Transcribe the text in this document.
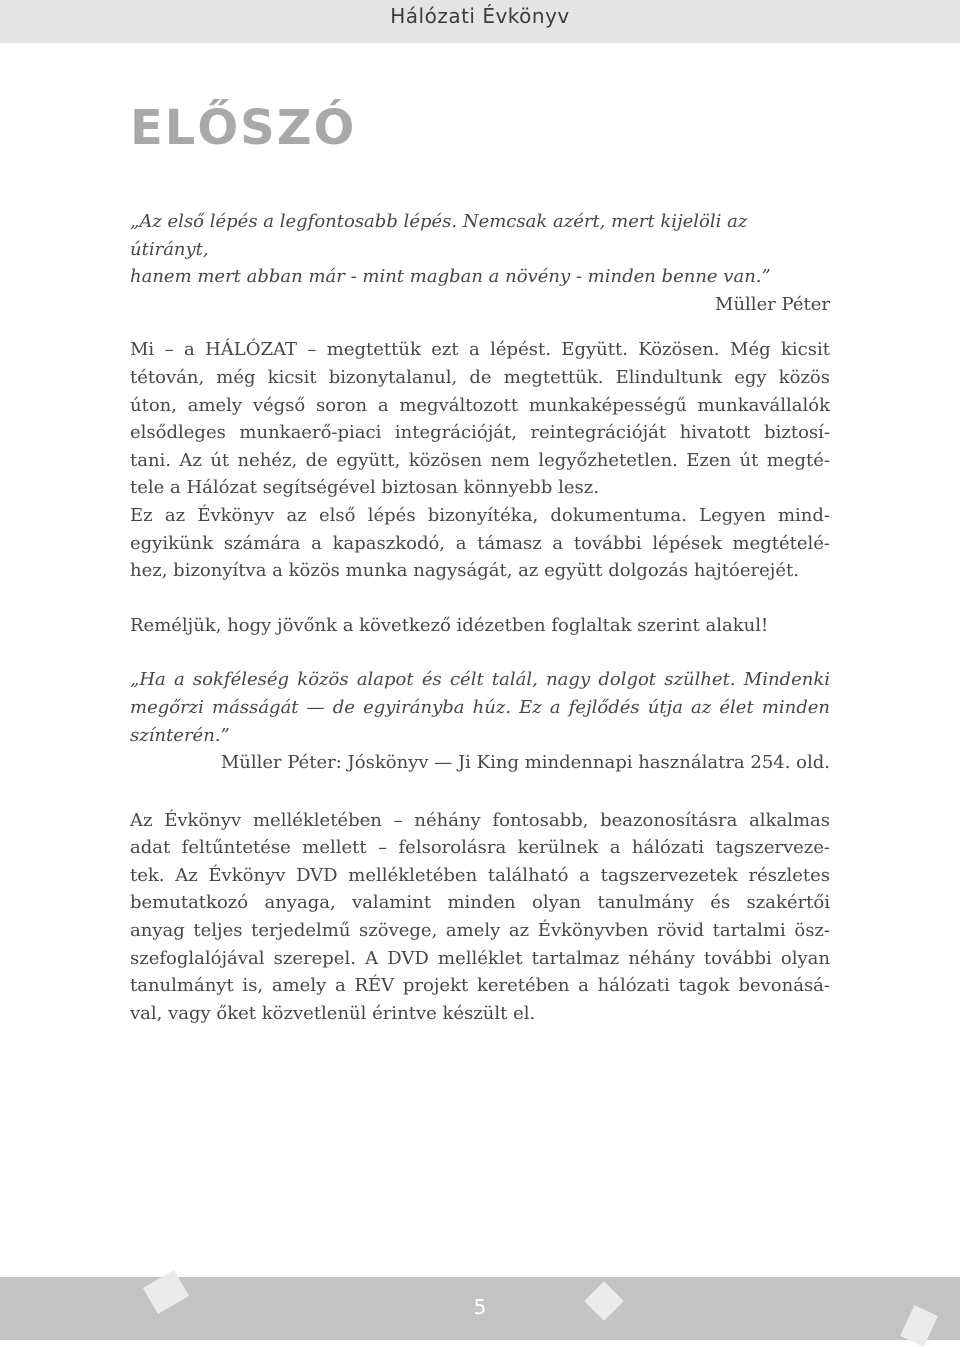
Hálózati Évkönyv
ELŐSZÓ
„Az első lépés a legfontosabb lépés. Nemcsak azért, mert kijelöli az útirányt,
hanem mert abban már - mint magban a növény - minden benne van.”

Müller Péter

Mi – a HÁLÓZAT – megtettük ezt a lépést. Együtt. Közösen. Még kicsit
tétován, még kicsit bizonytalanul, de megtettük. Elindultunk egy közös
úton, amely végső soron a megváltozott munkaképességű munkavállalók
elsődleges munkaerő-piaci integrációját, reintegrációját hivatott biztosí-
tani. Az út nehéz, de együtt, közösen nem legyőzhetetlen. Ezen út megté-
tele a Hálózat segítségével biztosan könnyebb lesz.
Ez az Évkönyv az első lépés bizonyítéka, dokumentuma. Legyen mind-
egyikünk számára a kapaszkodó, a támasz a további lépések megtételé-
hez, bizonyítva a közös munka nagyságát, az együtt dolgozás hajtóerejét.

Reméljük, hogy jövőnk a következő idézetben foglaltak szerint alakul!

„Ha a sokféleség közös alapot és célt talál, nagy dolgot szülhet. Mindenki
megőrzi másságát — de egyirányba húz. Ez a fejlődés útja az élet minden
színterén.”

Müller Péter: Jóskönyv — Ji King mindennapi használatra 254. old.

Az Évkönyv mellékletében – néhány fontosabb, beazonosításra alkalmas
adat feltűntetése mellett – felsorolásra kerülnek a hálózati tagszerveze-
tek. Az Évkönyv DVD mellékletében található a tagszervezetek részletes
bemutatkozó anyaga, valamint minden olyan tanulmány és szakértői
anyag teljes terjedelmű szövege, amely az Évkönyvben rövid tartalmi ösz-
szefoglalójával szerepel. A DVD melléklet tartalmaz néhány további olyan
tanulmányt is, amely a RÉV projekt keretében a hálózati tagok bevonásá-
val, vagy őket közvetlenül érintve készült el.
5
